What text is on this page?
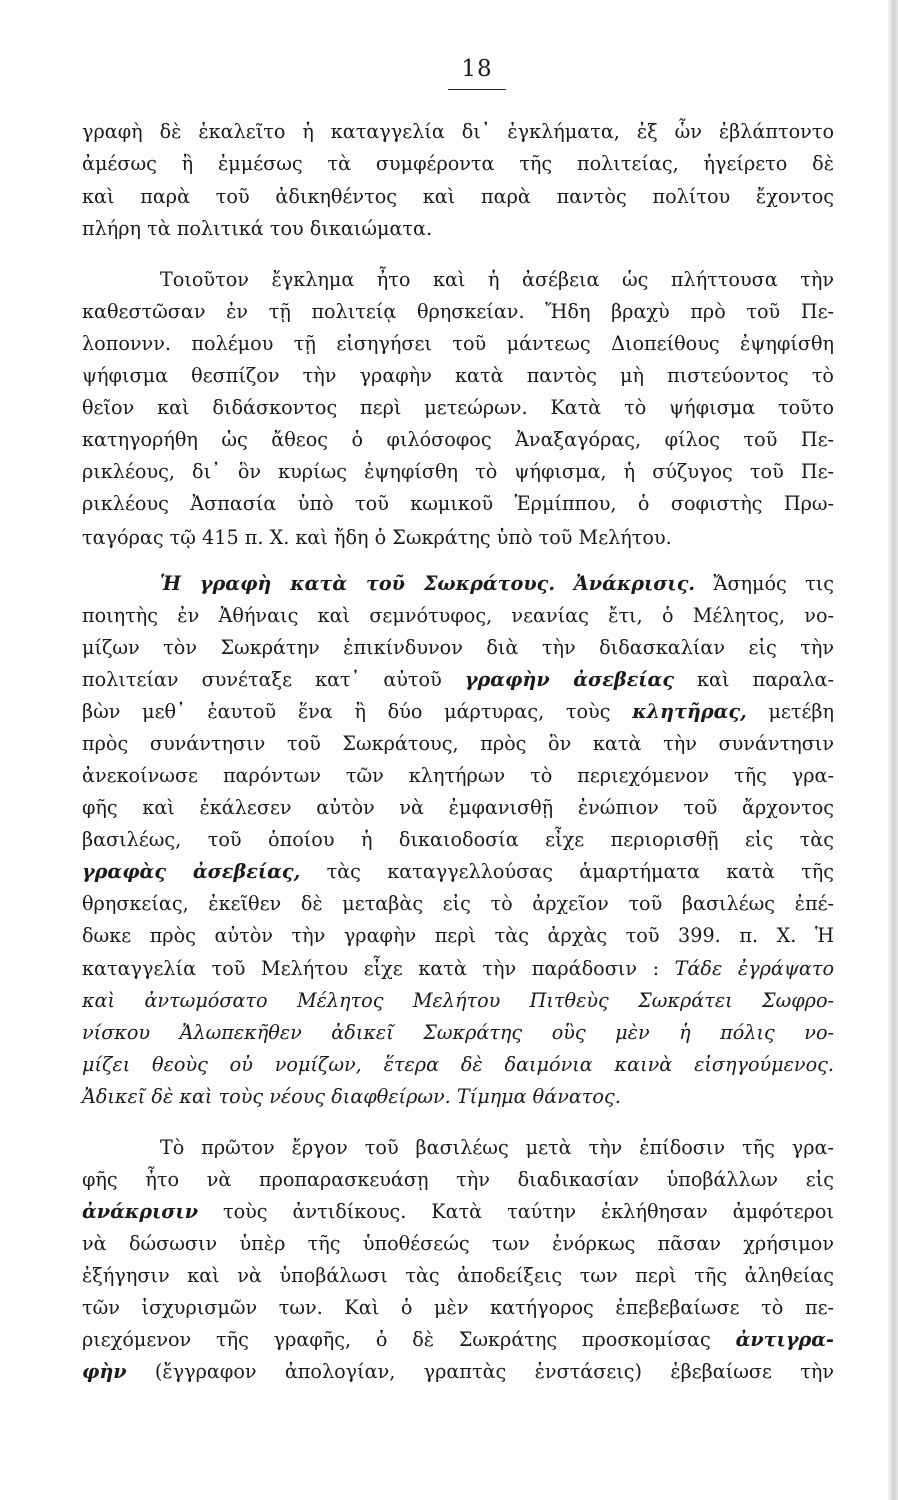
18
γραφὴ δὲ ἐκαλεῖτο ἡ καταγγελία δι᾿ ἐγκλήματα, ἐξ ὧν ἐβλάπτοντο
ἀμέσως ἢ ἐμμέσως τὰ συμφέροντα τῆς πολιτείας, ἠγείρετο δὲ
καὶ παρὰ τοῦ ἀδικηθέντος καὶ παρὰ παντὸς πολίτου ἔχοντος
πλήρη τὰ πολιτικά του δικαιώματα.
Τοιοῦτον ἔγκλημα ἦτο καὶ ἡ ἀσέβεια ὡς πλήττουσα τὴν
καθεστῶσαν ἐν τῇ πολιτείᾳ θρησκείαν. Ἤδη βραχὺ πρὸ τοῦ Πε-
λοποννν. πολέμου τῇ εἰσηγήσει τοῦ μάντεως Διοπείθους ἐψηφίσθη
ψήφισμα θεσπίζον τὴν γραφὴν κατὰ παντὸς μὴ πιστεύοντος τὸ
θεῖον καὶ διδάσκοντος περὶ μετεώρων. Κατὰ τὸ ψήφισμα τοῦτο
κατηγορήθη ὡς ἄθεος ὁ φιλόσοφος Ἀναξαγόρας, φίλος τοῦ Πε-
ρικλέους, δι᾿ ὃν κυρίως ἐψηφίσθη τὸ ψήφισμα, ἡ σύζυγος τοῦ Πε-
ρικλέους Ἀσπασία ὑπὸ τοῦ κωμικοῦ Ἑρμίππου, ὁ σοφιστὴς Πρω-
ταγόρας τῷ 415 π. Χ. καὶ ἤδη ὁ Σωκράτης ὑπὸ τοῦ Μελήτου.
Ἡ γραφὴ κατὰ τοῦ Σωκράτους. Ἀνάκρισις. Ἄσημός τις
ποιητὴς ἐν Ἀθήναις καὶ σεμνότυφος, νεανίας ἔτι, ὁ Μέλητος, νο-
μίζων τὸν Σωκράτην ἐπικίνδυνον διὰ τὴν διδασκαλίαν εἰς τὴν
πολιτείαν συνέταξε κατ᾿ αὐτοῦ γραφὴν ἀσεβείας καὶ παραλα-
βὼν μεθ᾿ ἑαυτοῦ ἕνα ἢ δύο μάρτυρας, τοὺς κλητῆρας, μετέβη
πρὸς συνάντησιν τοῦ Σωκράτους, πρὸς ὃν κατὰ τὴν συνάντησιν
ἀνεκοίνωσε παρόντων τῶν κλητήρων τὸ περιεχόμενον τῆς γρα-
φῆς καὶ ἐκάλεσεν αὐτὸν νὰ ἐμφανισθῇ ἐνώπιον τοῦ ἄρχοντος
βασιλέως, τοῦ ὁποίου ἡ δικαιοδοσία εἶχε περιορισθῇ εἰς τὰς
γραφὰς ἀσεβείας, τὰς καταγγελλούσας ἁμαρτήματα κατὰ τῆς
θρησκείας, ἐκεῖθεν δὲ μεταβὰς εἰς τὸ ἀρχεῖον τοῦ βασιλέως ἐπέ-
δωκε πρὸς αὐτὸν τὴν γραφὴν περὶ τὰς ἀρχὰς τοῦ 399. π. Χ. Ἡ
καταγγελία τοῦ Μελήτου εἶχε κατὰ τὴν παράδοσιν : Τάδε ἐγράψατο
καὶ ἀντωμόσατο Μέλητος Μελήτου Πιτθεὺς Σωκράτει Σωφρο-
νίσκου Ἀλωπεκῆθεν ἀδικεῖ Σωκράτης οὓς μὲν ἡ πόλις νο-
μίζει θεοὺς οὐ νομίζων, ἕτερα δὲ δαιμόνια καινὰ εἰσηγούμενος.
Ἀδικεῖ δὲ καὶ τοὺς νέους διαφθείρων. Τίμημα θάνατος.
Τὸ πρῶτον ἔργον τοῦ βασιλέως μετὰ τὴν ἐπίδοσιν τῆς γρα-
φῆς ἦτο νὰ προπαρασκευάσῃ τὴν διαδικασίαν ὑποβάλλων εἰς
ἀνάκρισιν τοὺς ἀντιδίκους. Κατὰ ταύτην ἐκλήθησαν ἀμφότεροι
νὰ δώσωσιν ὑπὲρ τῆς ὑποθέσεώς των ἐνόρκως πᾶσαν χρήσιμον
ἐξήγησιν καὶ νὰ ὑποβάλωσι τὰς ἀποδείξεις των περὶ τῆς ἀληθείας
τῶν ἰσχυρισμῶν των. Καὶ ὁ μὲν κατήγορος ἐπεβεβαίωσε τὸ πε-
ριεχόμενον τῆς γραφῆς, ὁ δὲ Σωκράτης προσκομίσας ἀντιγρα-
φὴν (ἔγγραφον ἀπολογίαν, γραπτὰς ἐνστάσεις) ἐβεβαίωσε τὴν
